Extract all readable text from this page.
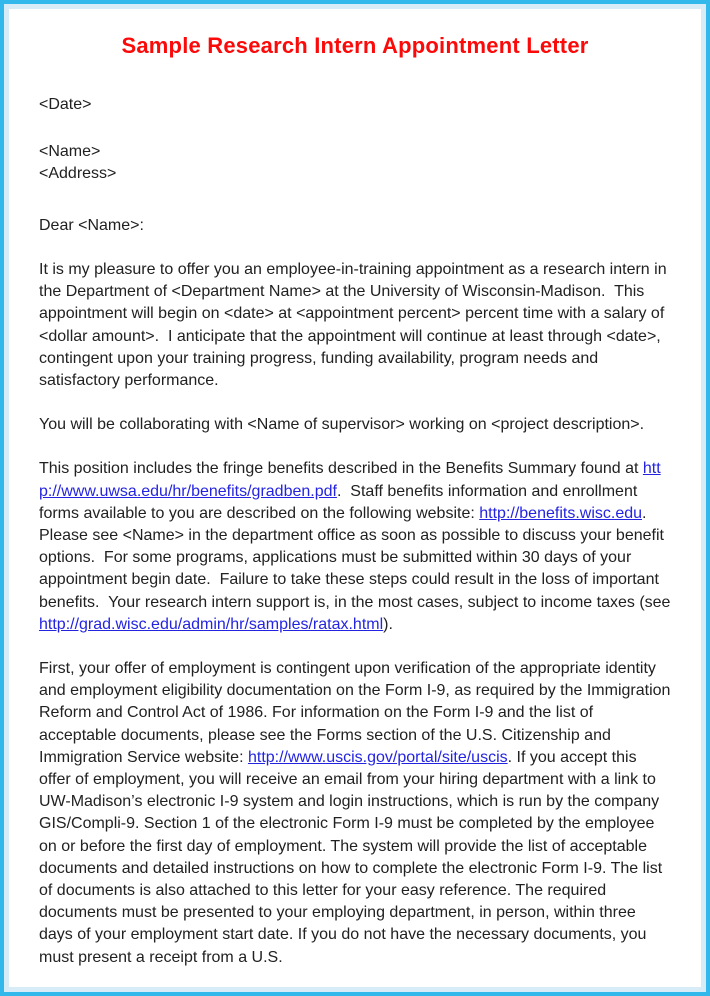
Sample Research Intern Appointment Letter

<Date>

<Name>

<Address>

Dear <Name>:

It is my pleasure to offer you an employee-in-training appointment as a research intern in the Department of <Department Name> at the University of Wisconsin-Madison.  This appointment will begin on <date> at <appointment percent> percent time with a salary of <dollar amount>.  I anticipate that the appointment will continue at least through <date>, contingent upon your training progress, funding availability, program needs and satisfactory performance.

You will be collaborating with <Name of supervisor> working on <project description>.

This position includes the fringe benefits described in the Benefits Summary found at http://www.uwsa.edu/hr/benefits/gradben.pdf.  Staff benefits information and enrollment forms available to you are described on the following website: http://benefits.wisc.edu.  Please see <Name> in the department office as soon as possible to discuss your benefit options.  For some programs, applications must be submitted within 30 days of your appointment begin date.  Failure to take these steps could result in the loss of important benefits.  Your research intern support is, in the most cases, subject to income taxes (see http://grad.wisc.edu/admin/hr/samples/ratax.html).

First, your offer of employment is contingent upon verification of the appropriate identity and employment eligibility documentation on the Form I-9, as required by the Immigration Reform and Control Act of 1986. For information on the Form I-9 and the list of acceptable documents, please see the Forms section of the U.S. Citizenship and Immigration Service website: http://www.uscis.gov/portal/site/uscis. If you accept this offer of employment, you will receive an email from your hiring department with a link to UW-Madison’s electronic I-9 system and login instructions, which is run by the company GIS/Compli-9. Section 1 of the electronic Form I-9 must be completed by the employee on or before the first day of employment. The system will provide the list of acceptable documents and detailed instructions on how to complete the electronic Form I-9. The list of documents is also attached to this letter for your easy reference. The required documents must be presented to your employing department, in person, within three days of your employment start date. If you do not have the necessary documents, you must present a receipt from a U.S.
